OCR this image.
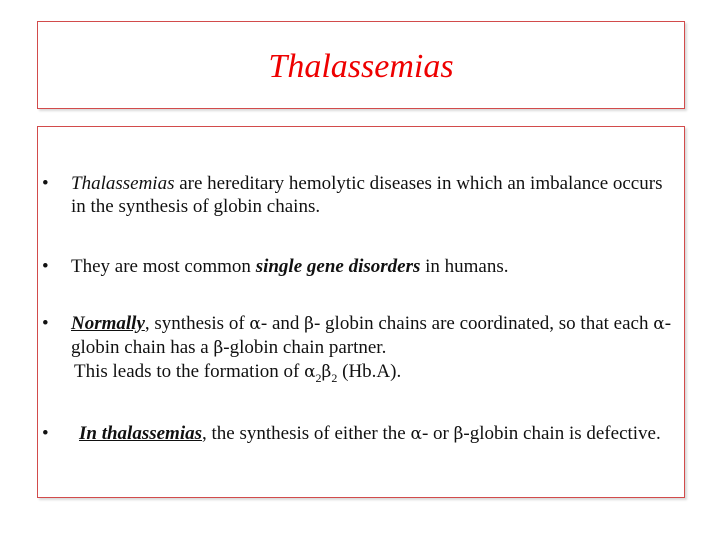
Thalassemias
• Thalassemias are hereditary hemolytic diseases in which an imbalance occurs in the synthesis of globin chains.
• They are most common single gene disorders in humans.
• Normally, synthesis of α- and β- globin chains are coordinated, so that each α-globin chain has a β-globin chain partner.
This leads to the formation of $\alpha_2\beta_2$ (Hb.A).
•	In thalassemias, the synthesis of either the α- or β-globin chain is defective.
